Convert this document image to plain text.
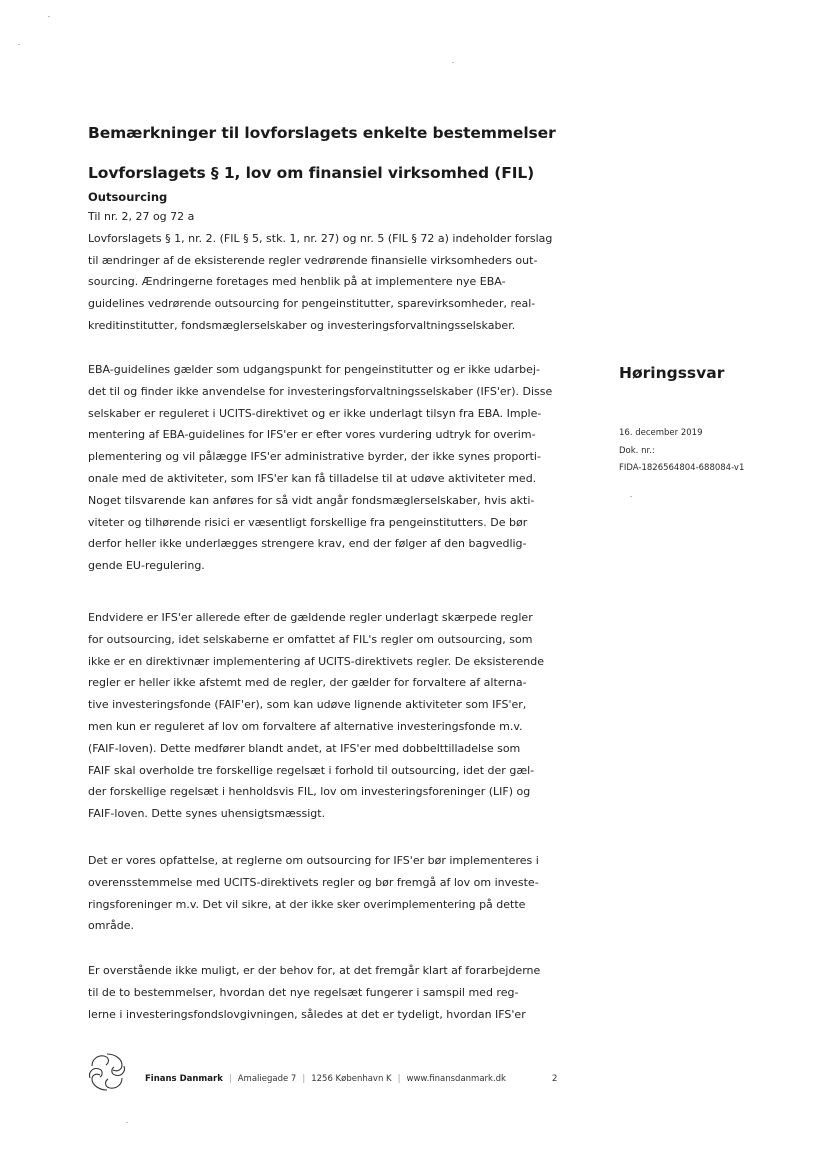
Bemærkninger til lovforslagets enkelte bestemmelser
Lovforslagets § 1, lov om finansiel virksomhed (FIL)
Outsourcing
Til nr. 2, 27 og 72 a
Lovforslagets § 1, nr. 2. (FIL § 5, stk. 1, nr. 27) og nr. 5 (FIL § 72 a) indeholder forslag
til ændringer af de eksisterende regler vedrørende finansielle virksomheders out-
sourcing. Ændringerne foretages med henblik på at implementere nye EBA-
guidelines vedrørende outsourcing for pengeinstitutter, sparevirksomheder, real-
kreditinstitutter, fondsmæglerselskaber og investeringsforvaltningsselskaber.
EBA-guidelines gælder som udgangspunkt for pengeinstitutter og er ikke udarbej-
det til og finder ikke anvendelse for investeringsforvaltningsselskaber (IFS'er). Disse
selskaber er reguleret i UCITS-direktivet og er ikke underlagt tilsyn fra EBA. Imple-
mentering af EBA-guidelines for IFS'er er efter vores vurdering udtryk for overim-
plementering og vil pålægge IFS'er administrative byrder, der ikke synes proporti-
onale med de aktiviteter, som IFS'er kan få tilladelse til at udøve aktiviteter med.
Noget tilsvarende kan anføres for så vidt angår fondsmæglerselskaber, hvis akti-
viteter og tilhørende risici er væsentligt forskellige fra pengeinstitutters. De bør
derfor heller ikke underlægges strengere krav, end der følger af den bagvedlig-
gende EU-regulering.
Endvidere er IFS'er allerede efter de gældende regler underlagt skærpede regler
for outsourcing, idet selskaberne er omfattet af FIL's regler om outsourcing, som
ikke er en direktivnær implementering af UCITS-direktivets regler. De eksisterende
regler er heller ikke afstemt med de regler, der gælder for forvaltere af alterna-
tive investeringsfonde (FAIF'er), som kan udøve lignende aktiviteter som IFS'er,
men kun er reguleret af lov om forvaltere af alternative investeringsfonde m.v.
(FAIF-loven). Dette medfører blandt andet, at IFS'er med dobbelttilladelse som
FAIF skal overholde tre forskellige regelsæt i forhold til outsourcing, idet der gæl-
der forskellige regelsæt i henholdsvis FIL, lov om investeringsforeninger (LIF) og
FAIF-loven. Dette synes uhensigtsmæssigt.
Det er vores opfattelse, at reglerne om outsourcing for IFS'er bør implementeres i
overensstemmelse med UCITS-direktivets regler og bør fremgå af lov om investe-
ringsforeninger m.v. Det vil sikre, at der ikke sker overimplementering på dette
område.
Er overstående ikke muligt, er der behov for, at det fremgår klart af forarbejderne
til de to bestemmelser, hvordan det nye regelsæt fungerer i samspil med reg-
lerne i investeringsfondslovgivningen, således at det er tydeligt, hvordan IFS'er
Høringssvar
16. december 2019
Dok. nr.:
FIDA-1826564804-688084-v1
Finans Danmark | Amaliegade 7 | 1256 København K | www.finansdanmark.dk	2
